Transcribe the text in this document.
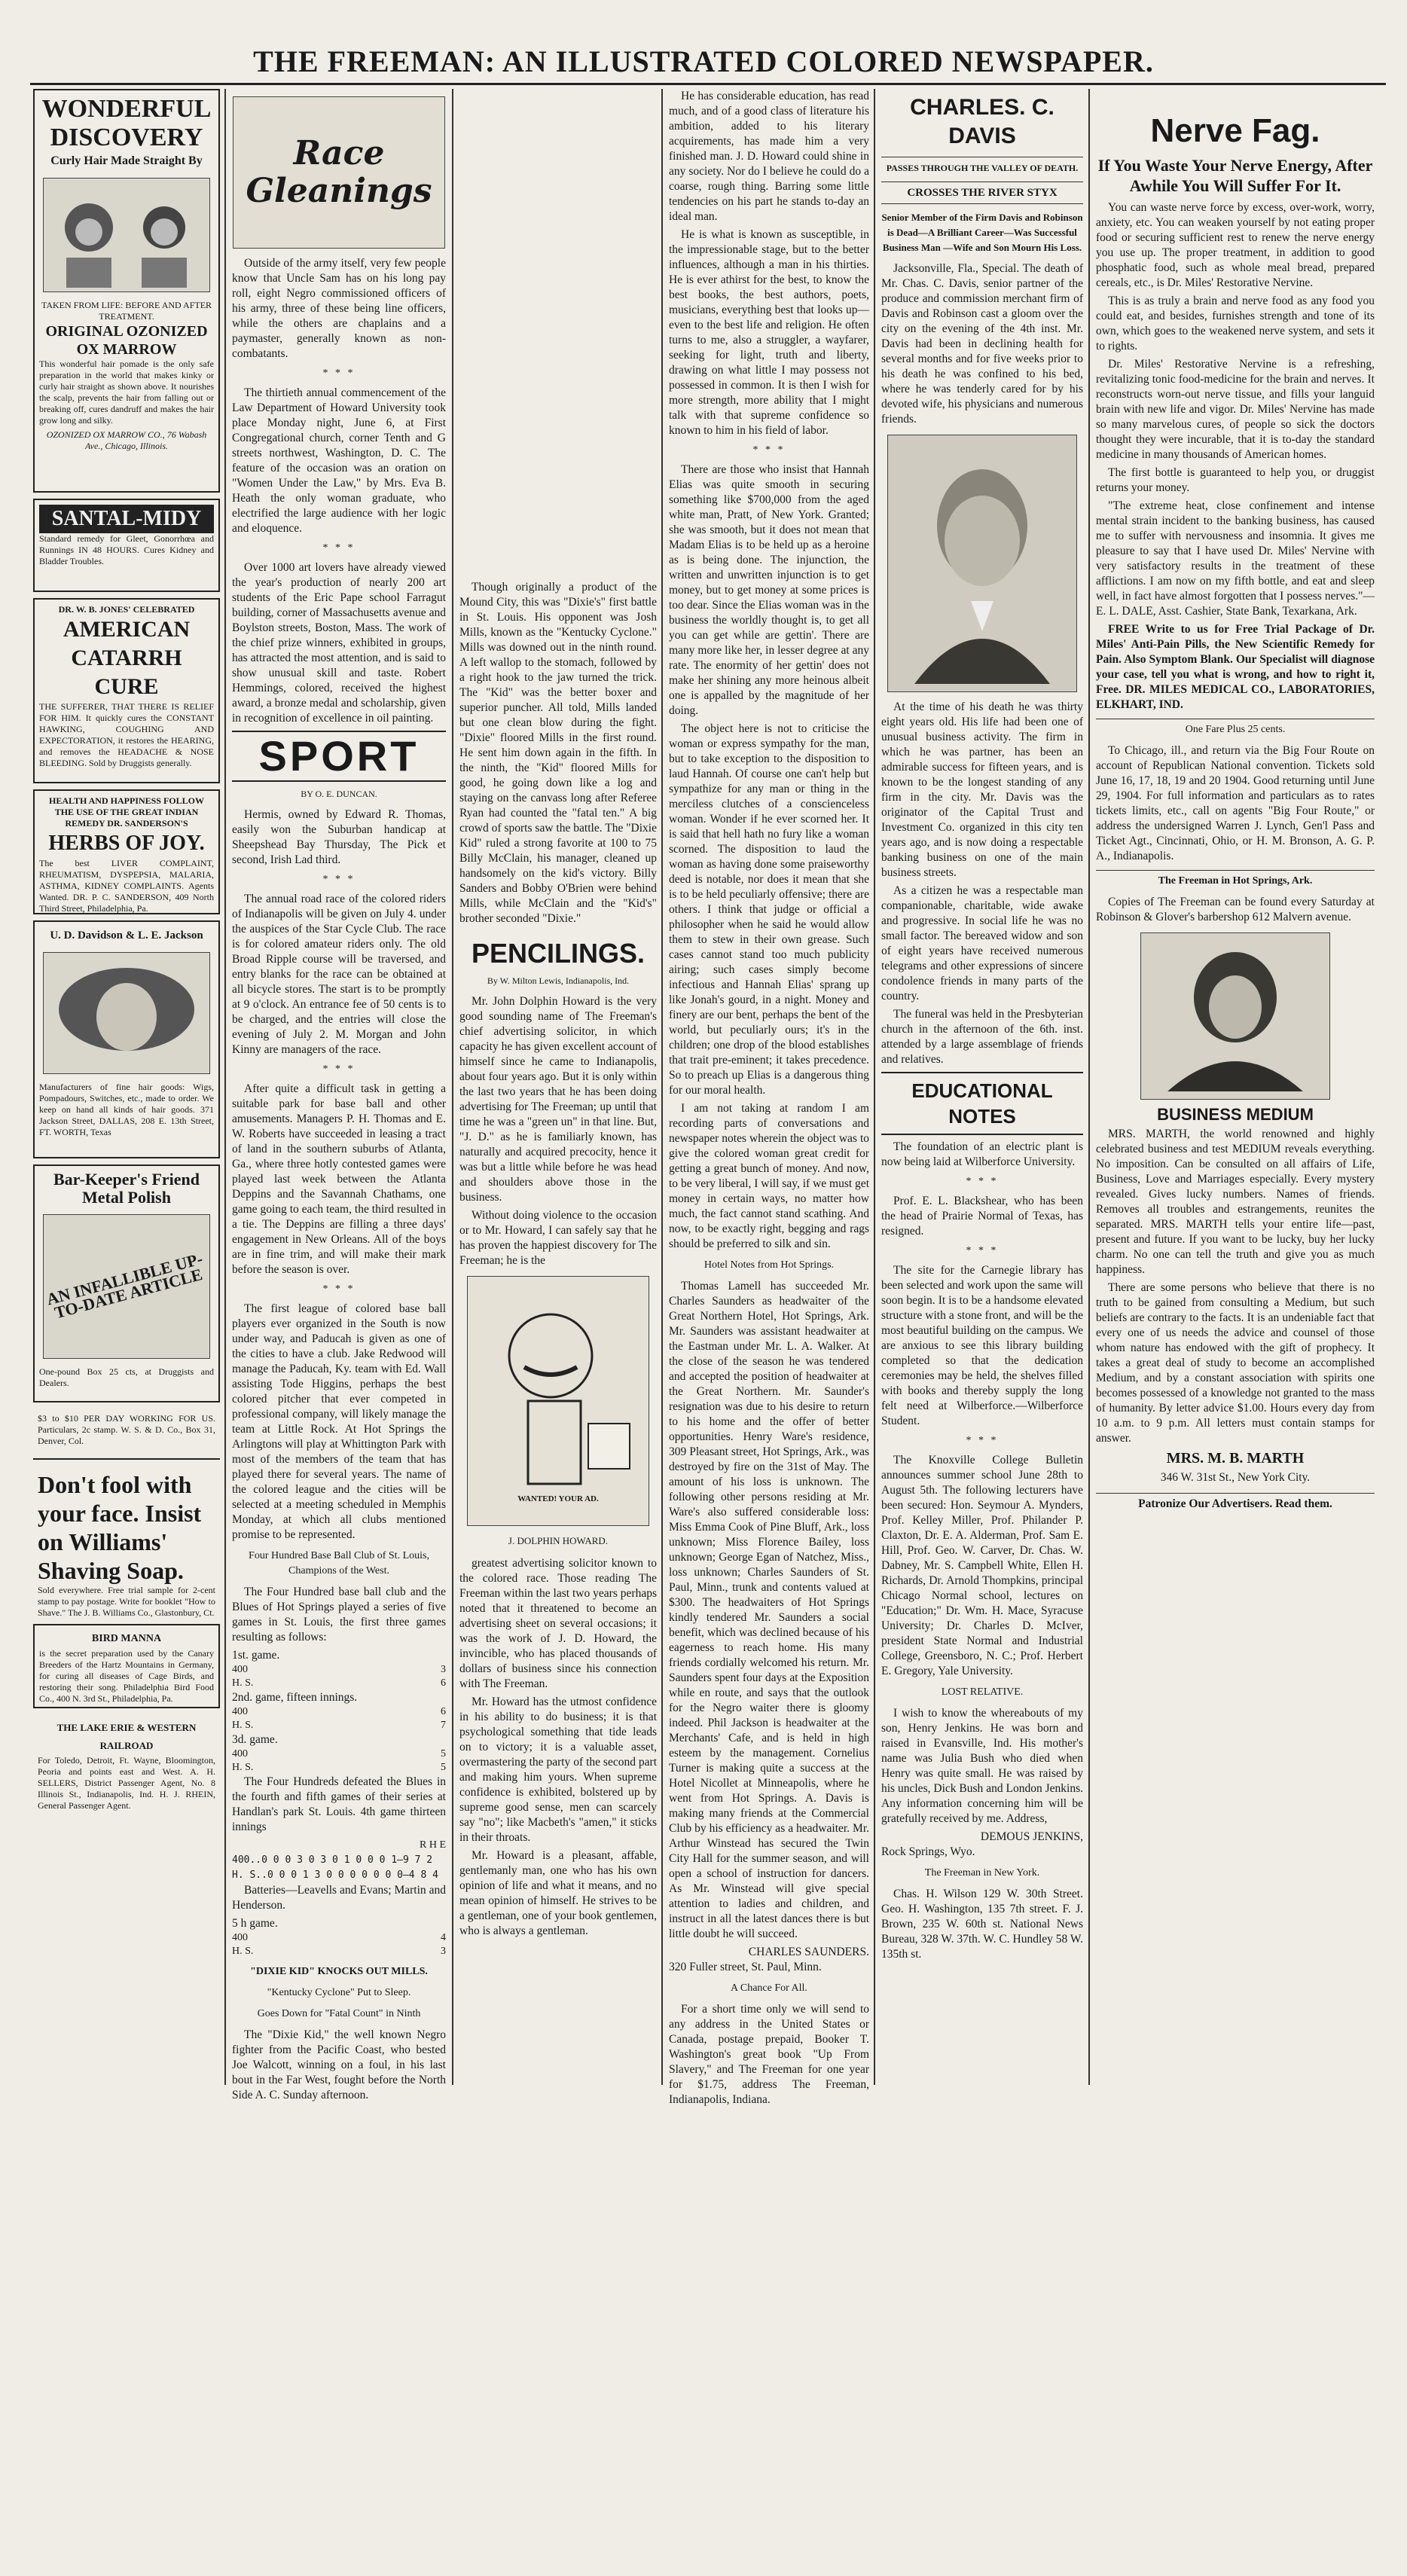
THE FREEMAN: AN ILLUSTRATED COLORED NEWSPAPER.
WONDERFUL DISCOVERY
Curly Hair Made Straight By
TAKEN FROM LIFE: BEFORE AND AFTER TREATMENT.
ORIGINAL OZONIZED OX MARROW
This wonderful hair pomade is the only safe preparation in the world that makes kinky or curly hair straight as shown above. It nourishes the scalp, prevents the hair from falling out or breaking off, cures dandruff and makes the hair grow long and silky.
OZONIZED OX MARROW CO., 76 Wabash Ave., Chicago, Illinois.
SANTAL-MIDY
Standard remedy for Gleet, Gonorrhœa and Runnings IN 48 HOURS. Cures Kidney and Bladder Troubles.
DR. W. B. JONES' CELEBRATED
AMERICAN CATARRH CURE
THE SUFFERER, THAT THERE IS RELIEF FOR HIM. It quickly cures the CONSTANT HAWKING, COUGHING AND EXPECTORATION, it restores the HEARING, and removes the HEADACHE & NOSE BLEEDING. Sold by Druggists generally.
HEALTH AND HAPPINESS FOLLOW THE USE OF THE GREAT INDIAN REMEDY DR. SANDERSON'S
HERBS OF JOY.
The best LIVER COMPLAINT, RHEUMATISM, DYSPEPSIA, MALARIA, ASTHMA, KIDNEY COMPLAINTS. Agents Wanted. DR. P. C. SANDERSON, 409 North Third Street, Philadelphia, Pa.
U. D. Davidson & L. E. Jackson
Manufacturers of fine hair goods: Wigs, Pompadours, Switches, etc., made to order. We keep on hand all kinds of hair goods. 371 Jackson Street, DALLAS, 208 E. 13th Street, FT. WORTH, Texas
Bar-Keeper's Friend Metal Polish
AN INFALLIBLE UP-TO-DATE ARTICLE
One-pound Box 25 cts, at Druggists and Dealers.
$3 to $10 PER DAY WORKING FOR US. Particulars, 2c stamp. W. S. & D. Co., Box 31, Denver, Col.
Don't fool with your face. Insist on Williams' Shaving Soap.
Sold everywhere. Free trial sample for 2-cent stamp to pay postage. Write for booklet "How to Shave." The J. B. Williams Co., Glastonbury, Ct.
BIRD MANNA
is the secret preparation used by the Canary Breeders of the Hartz Mountains in Germany, for curing all diseases of Cage Birds, and restoring their song. Philadelphia Bird Food Co., 400 N. 3rd St., Philadelphia, Pa.
THE LAKE ERIE & WESTERN RAILROAD
For Toledo, Detroit, Ft. Wayne, Bloomington, Peoria and points east and West. A. H. SELLERS, District Passenger Agent, No. 8 Illinois St., Indianapolis, Ind. H. J. RHEIN, General Passenger Agent.
Race Gleanings

Outside of the army itself, very few people know that Uncle Sam has on his long pay roll, eight Negro commissioned officers of his army, three of these being line officers, while the others are chaplains and a paymaster, generally known as non-combatants.

* * *

The thirtieth annual commencement of the Law Department of Howard University took place Monday night, June 6, at First Congregational church, corner Tenth and G streets northwest, Washington, D. C. The feature of the occasion was an oration on "Women Under the Law," by Mrs. Eva B. Heath the only woman graduate, who electrified the large audience with her logic and eloquence.

* * *

Over 1000 art lovers have already viewed the year's production of nearly 200 art students of the Eric Pape school Farragut building, corner of Massachusetts avenue and Boylston streets, Boston, Mass. The work of the chief prize winners, exhibited in groups, has attracted the most attention, and is said to show unusual skill and taste. Robert Hemmings, colored, received the highest award, a bronze medal and scholarship, given in recognition of excellence in oil painting.

SPORT
BY O. E. DUNCAN.

Hermis, owned by Edward R. Thomas, easily won the Suburban handicap at Sheepshead Bay Thursday, The Pick et second, Irish Lad third.

* * *

The annual road race of the colored riders of Indianapolis will be given on July 4. under the auspices of the Star Cycle Club. The race is for colored amateur riders only. The old Broad Ripple course will be traversed, and entry blanks for the race can be obtained at all bicycle stores. The start is to be promptly at 9 o'clock. An entrance fee of 50 cents is to be charged, and the entries will close the evening of July 2. M. Morgan and John Kinny are managers of the race.

* * *

After quite a difficult task in getting a suitable park for base ball and other amusements. Managers P. H. Thomas and E. W. Roberts have succeeded in leasing a tract of land in the southern suburbs of Atlanta, Ga., where three hotly contested games were played last week between the Atlanta Deppins and the Savannah Chathams, one game going to each team, the third resulted in a tie. The Deppins are filling a three days' engagement in New Orleans. All of the boys are in fine trim, and will make their mark before the season is over.

* * *

The first league of colored base ball players ever organized in the South is now under way, and Paducah is given as one of the cities to have a club. Jake Redwood will manage the Paducah, Ky. team with Ed. Wall assisting Tode Higgins, perhaps the best colored pitcher that ever competed in professional company, will likely manage the team at Little Rock. At Hot Springs the Arlingtons will play at Whittington Park with most of the members of the team that has played there for several years. The name of the colored league and the cities will be selected at a meeting scheduled in Memphis Monday, at which all clubs mentioned promise to be represented.

Four Hundred Base Ball Club of St. Louis, Champions of the West.

The Four Hundred base ball club and the Blues of Hot Springs played a series of five games in St. Louis, the first three games resulting as follows:

1st. game.
400	3
H. S.	6
2nd. game, fifteen innings.
400	6
H. S.	7
3d. game.
400	5
H. S.	5

The Four Hundreds defeated the Blues in the fourth and fifth games of their series at Handlan's park St. Louis. 4th game thirteen innings

R H E
400..0 0 0 3 0 3 0 1 0 0 0 1—9 7 2
H. S..0 0 0 1 3 0 0 0 0 0 0 0—4 8 4

Batteries—Leavells and Evans; Martin and Henderson.

5 h game.
400	4
H. S.	3
"DIXIE KID" KNOCKS OUT MILLS.
"Kentucky Cyclone" Put to Sleep.
Goes Down for "Fatal Count" in Ninth

The "Dixie Kid," the well known Negro fighter from the Pacific Coast, who bested Joe Walcott, winning on a foul, in his last bout in the Far West, fought before the North Side A. C. Sunday afternoon.

Though originally a product of the Mound City, this was "Dixie's" first battle in St. Louis. His opponent was Josh Mills, known as the "Kentucky Cyclone." Mills was downed out in the ninth round. A left wallop to the stomach, followed by a right hook to the jaw turned the trick. The "Kid" was the better boxer and superior puncher. All told, Mills landed but one clean blow during the fight. "Dixie" floored Mills in the first round. He sent him down again in the fifth. In the ninth, the "Kid" floored Mills for good, he going down like a log and staying on the canvass long after Referee Ryan had counted the "fatal ten." A big crowd of sports saw the battle. The "Dixie Kid" ruled a strong favorite at 100 to 75 Billy McClain, his manager, cleaned up handsomely on the kid's victory. Billy Sanders and Bobby O'Brien were behind Mills, while McClain and the "Kid's" brother seconded "Dixie."

PENCILINGS.
By W. Milton Lewis, Indianapolis, Ind.

Mr. John Dolphin Howard is the very good sounding name of The Freeman's chief advertising solicitor, in which capacity he has given excellent account of himself since he came to Indianapolis, about four years ago. But it is only within the last two years that he has been doing advertising for The Freeman; up until that time he was a "green un" in that line. But, "J. D." as he is familiarly known, has naturally and acquired precocity, hence it was but a little while before he was head and shoulders above those in the business.

Without doing violence to the occasion or to Mr. Howard, I can safely say that he has proven the happiest discovery for The Freeman; he is the

WANTED! YOUR AD.
J. DOLPHIN HOWARD.

greatest advertising solicitor known to the colored race. Those reading The Freeman within the last two years perhaps noted that it threatened to become an advertising sheet on several occasions; it was the work of J. D. Howard, the invincible, who has placed thousands of dollars of business since his connection with The Freeman.

Mr. Howard has the utmost confidence in his ability to do business; it is that psychological something that tide leads on to victory; it is a valuable asset, overmastering the party of the second part and making him yours. When supreme confidence is exhibited, bolstered up by supreme good sense, men can scarcely say "no"; like Macbeth's "amen," it sticks in their throats.

Mr. Howard is a pleasant, affable, gentlemanly man, one who has his own opinion of life and what it means, and no mean opinion of himself. He strives to be a gentleman, one of your book gentlemen, who is always a gentleman.

He has considerable education, has read much, and of a good class of literature his ambition, added to his literary acquirements, has made him a very finished man. J. D. Howard could shine in any society. Nor do I believe he could do a coarse, rough thing. Barring some little tendencies on his part he stands to-day an ideal man.

He is what is known as susceptible, in the impressionable stage, but to the better influences, although a man in his thirties. He is ever athirst for the best, to know the best books, the best authors, poets, musicians, everything best that looks up—even to the best life and religion. He often turns to me, also a struggler, a wayfarer, seeking for light, truth and liberty, drawing on what little I may possess not possessed in common. It is then I wish for more strength, more ability that I might talk with that supreme confidence so known to him in his field of labor.

* * *

There are those who insist that Hannah Elias was quite smooth in securing something like $700,000 from the aged white man, Pratt, of New York. Granted; she was smooth, but it does not mean that Madam Elias is to be held up as a heroine as is being done. The injunction, the written and unwritten injunction is to get money, but to get money at some prices is too dear. Since the Elias woman was in the business the worldly thought is, to get all you can get while are gettin'. There are many more like her, in lesser degree at any rate. The enormity of her gettin' does not make her shining any more heinous albeit one is appalled by the magnitude of her doing.

The object here is not to criticise the woman or express sympathy for the man, but to take exception to the disposition to laud Hannah. Of course one can't help but sympathize for any man or thing in the merciless clutches of a conscienceless woman. Wonder if he ever scorned her. It is said that hell hath no fury like a woman scorned. The disposition to laud the woman as having done some praiseworthy deed is notable, nor does it mean that she is to be held peculiarly offensive; there are others. I think that judge or official a philosopher when he said he would allow them to stew in their own grease. Such cases cannot stand too much publicity airing; such cases simply become infectious and Hannah Elias' sprang up like Jonah's gourd, in a night. Money and finery are our bent, perhaps the bent of the world, but peculiarly ours; it's in the children; one drop of the blood establishes that trait pre-eminent; it takes precedence. So to preach up Elias is a dangerous thing for our moral health.

I am not taking at random I am recording parts of conversations and newspaper notes wherein the object was to give the colored woman great credit for getting a great bunch of money. And now, to be very liberal, I will say, if we must get money in certain ways, no matter how much, the fact cannot stand scathing. And now, to be exactly right, begging and rags should be preferred to silk and sin.

Hotel Notes from Hot Springs.

Thomas Lamell has succeeded Mr. Charles Saunders as headwaiter of the Great Northern Hotel, Hot Springs, Ark. Mr. Saunders was assistant headwaiter at the Eastman under Mr. L. A. Walker. At the close of the season he was tendered and accepted the position of headwaiter at the Great Northern. Mr. Saunder's resignation was due to his desire to return to his home and the offer of better opportunities. Henry Ware's residence, 309 Pleasant street, Hot Springs, Ark., was destroyed by fire on the 31st of May. The amount of his loss is unknown. The following other persons residing at Mr. Ware's also suffered considerable loss: Miss Emma Cook of Pine Bluff, Ark., loss unknown; Miss Florence Bailey, loss unknown; George Egan of Natchez, Miss., loss unknown; Charles Saunders of St. Paul, Minn., trunk and contents valued at $300. The headwaiters of Hot Springs kindly tendered Mr. Saunders a social benefit, which was declined because of his eagerness to reach home. His many friends cordially welcomed his return. Mr. Saunders spent four days at the Exposition while en route, and says that the outlook for the Negro waiter there is gloomy indeed. Phil Jackson is headwaiter at the Merchants' Cafe, and is held in high esteem by the management. Cornelius Turner is making quite a success at the Hotel Nicollet at Minneapolis, where he went from Hot Springs. A. Davis is making many friends at the Commercial Club by his efficiency as a headwaiter. Mr. Arthur Winstead has secured the Twin City Hall for the summer season, and will open a school of instruction for dancers. As Mr. Winstead will give special attention to ladies and children, and instruct in all the latest dances there is but little doubt he will succeed.

CHARLES SAUNDERS.
320 Fuller street, St. Paul, Minn.
A Chance For All.

For a short time only we will send to any address in the United States or Canada, postage prepaid, Booker T. Washington's great book "Up From Slavery," and The Freeman for one year for $1.75, address The Freeman, Indianapolis, Indiana.

CHARLES. C. DAVIS
PASSES THROUGH THE VALLEY OF DEATH.
CROSSES THE RIVER STYX
Senior Member of the Firm Davis and Robinson is Dead—A Brilliant Career—Was Successful Business Man —Wife and Son Mourn His Loss.

Jacksonville, Fla., Special. The death of Mr. Chas. C. Davis, senior partner of the produce and commission merchant firm of Davis and Robinson cast a gloom over the city on the evening of the 4th inst. Mr. Davis had been in declining health for several months and for five weeks prior to his death he was confined to his bed, where he was tenderly cared for by his devoted wife, his physicians and numerous friends.

At the time of his death he was thirty eight years old. His life had been one of unusual business activity. The firm in which he was partner, has been an admirable success for fifteen years, and is known to be the longest standing of any firm in the city. Mr. Davis was the originator of the Capital Trust and Investment Co. organized in this city ten years ago, and is now doing a respectable banking business on one of the main business streets.

As a citizen he was a respectable man companionable, charitable, wide awake and progressive. In social life he was no small factor. The bereaved widow and son of eight years have received numerous telegrams and other expressions of sincere condolence friends in many parts of the country.

The funeral was held in the Presbyterian church in the afternoon of the 6th. inst. attended by a large assemblage of friends and relatives.

EDUCATIONAL NOTES

The foundation of an electric plant is now being laid at Wilberforce University.

* * *

Prof. E. L. Blackshear, who has been the head of Prairie Normal of Texas, has resigned.

* * *

The site for the Carnegie library has been selected and work upon the same will soon begin. It is to be a handsome elevated structure with a stone front, and will be the most beautiful building on the campus. We are anxious to see this library building completed so that the dedication ceremonies may be held, the shelves filled with books and thereby supply the long felt need at Wilberforce.—Wilberforce Student.

* * *

The Knoxville College Bulletin announces summer school June 28th to August 5th. The following lecturers have been secured: Hon. Seymour A. Mynders, Prof. Kelley Miller, Prof. Philander P. Claxton, Dr. E. A. Alderman, Prof. Sam E. Hill, Prof. Geo. W. Carver, Dr. Chas. W. Dabney, Mr. S. Campbell White, Ellen H. Richards, Dr. Arnold Thompkins, principal Chicago Normal school, lectures on "Education;" Dr. Wm. H. Mace, Syracuse University; Dr. Charles D. McIver, president State Normal and Industrial College, Greensboro, N. C.; Prof. Herbert E. Gregory, Yale University.

LOST RELATIVE.

I wish to know the whereabouts of my son, Henry Jenkins. He was born and raised in Evansville, Ind. His mother's name was Julia Bush who died when Henry was quite small. He was raised by his uncles, Dick Bush and London Jenkins. Any information concerning him will be gratefully received by me. Address,

DEMOUS JENKINS,
Rock Springs, Wyo.
The Freeman in New York.

Chas. H. Wilson 129 W. 30th Street. Geo. H. Washington, 135 7th street. F. J. Brown, 235 W. 60th st. National News Bureau, 328 W. 37th. W. C. Hundley 58 W. 135th st.

Nerve Fag.
If You Waste Your Nerve Energy, After Awhile You Will Suffer For It.

You can waste nerve force by excess, over-work, worry, anxiety, etc. You can weaken yourself by not eating proper food or securing sufficient rest to renew the nerve energy you use up. The proper treatment, in addition to good phosphatic food, such as whole meal bread, prepared cereals, etc., is Dr. Miles' Restorative Nervine.

This is as truly a brain and nerve food as any food you could eat, and besides, furnishes strength and tone of its own, which goes to the weakened nerve system, and sets it to rights.

Dr. Miles' Restorative Nervine is a refreshing, revitalizing tonic food-medicine for the brain and nerves. It reconstructs worn-out nerve tissue, and fills your languid brain with new life and vigor. Dr. Miles' Nervine has made so many marvelous cures, of people so sick the doctors thought they were incurable, that it is to-day the standard medicine in many thousands of American homes.

The first bottle is guaranteed to help you, or druggist returns your money.

"The extreme heat, close confinement and intense mental strain incident to the banking business, has caused me to suffer with nervousness and insomnia. It gives me pleasure to say that I have used Dr. Miles' Nervine with very satisfactory results in the treatment of these afflictions. I am now on my fifth bottle, and eat and sleep well, in fact have almost forgotten that I possess nerves."—E. L. DALE, Asst. Cashier, State Bank, Texarkana, Ark.

FREE Write to us for Free Trial Package of Dr. Miles' Anti-Pain Pills, the New Scientific Remedy for Pain. Also Symptom Blank. Our Specialist will diagnose your case, tell you what is wrong, and how to right it, Free. DR. MILES MEDICAL CO., LABORATORIES, ELKHART, IND.

One Fare Plus 25 cents.

To Chicago, ill., and return via the Big Four Route on account of Republican National convention. Tickets sold June 16, 17, 18, 19 and 20 1904. Good returning until June 29, 1904. For full information and particulars as to rates tickets limits, etc., call on agents "Big Four Route," or address the undersigned Warren J. Lynch, Gen'l Pass and Ticket Agt., Cincinnati, Ohio, or H. M. Bronson, A. G. P. A., Indianapolis.

The Freeman in Hot Springs, Ark.

Copies of The Freeman can be found every Saturday at Robinson & Glover's barbershop 612 Malvern avenue.

BUSINESS MEDIUM

MRS. MARTH, the world renowned and highly celebrated business and test MEDIUM reveals everything. No imposition. Can be consulted on all affairs of Life, Business, Love and Marriages especially. Every mystery revealed. Gives lucky numbers. Names of friends. Removes all troubles and estrangements, reunites the separated. MRS. MARTH tells your entire life—past, present and future. If you want to be lucky, buy her lucky charm. No one can tell the truth and give you as much happiness.

There are some persons who believe that there is no truth to be gained from consulting a Medium, but such beliefs are contrary to the facts. It is an undeniable fact that every one of us needs the advice and counsel of those whom nature has endowed with the gift of prophecy. It takes a great deal of study to become an accomplished Medium, and by a constant association with spirits one becomes possessed of a knowledge not granted to the mass of humanity. By letter advice $1.00. Hours every day from 10 a.m. to 9 p.m. All letters must contain stamps for answer.

MRS. M. B. MARTH
346 W. 31st St., New York City.
Patronize Our Advertisers. Read them.
